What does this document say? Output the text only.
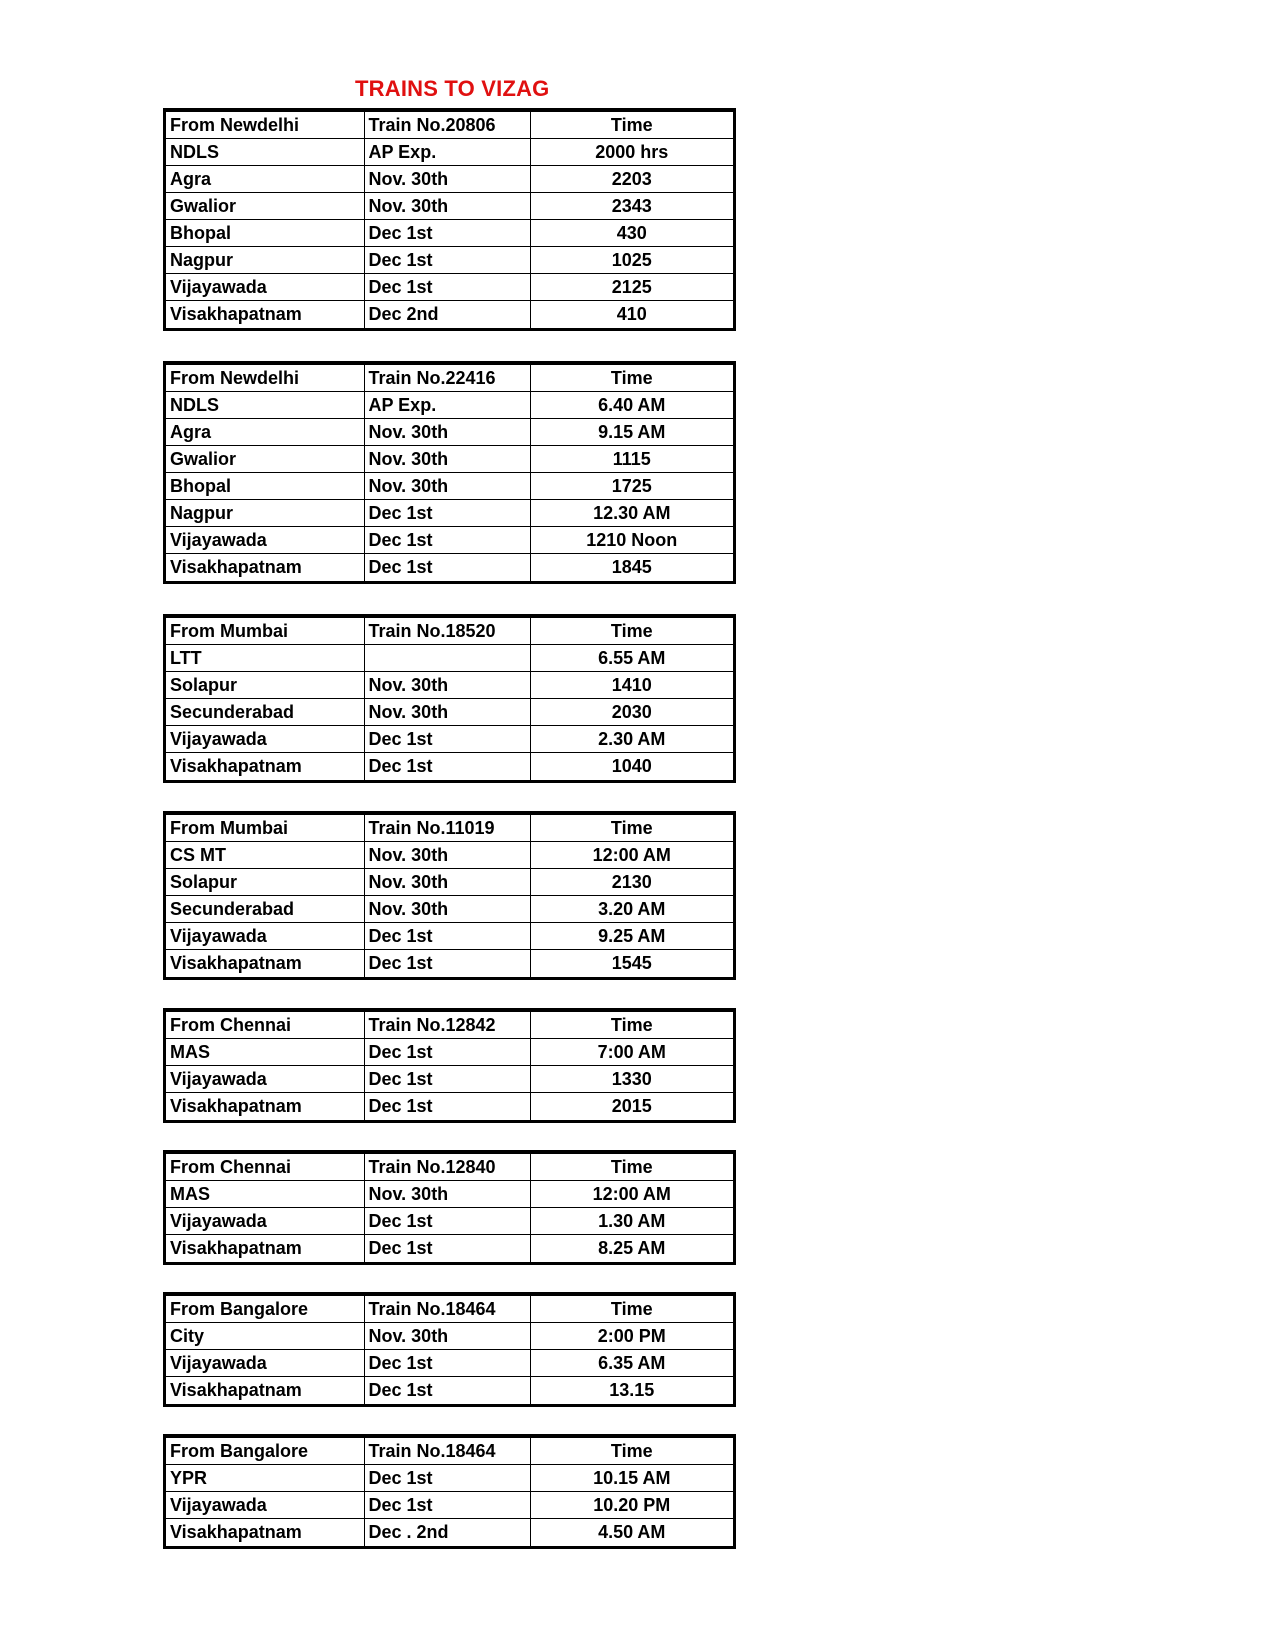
TRAINS TO VIZAG
From Newdelhi	Train No.20806	Time
NDLS	AP Exp.	2000 hrs
Agra	Nov. 30th	2203
Gwalior	Nov. 30th	2343
Bhopal	Dec 1st	430
Nagpur	Dec 1st	1025
Vijayawada	Dec 1st	2125
Visakhapatnam	Dec 2nd	410
From Newdelhi	Train No.22416	Time
NDLS	AP Exp.	6.40 AM
Agra	Nov. 30th	9.15 AM
Gwalior	Nov. 30th	1115
Bhopal	Nov. 30th	1725
Nagpur	Dec 1st	12.30 AM
Vijayawada	Dec 1st	1210 Noon
Visakhapatnam	Dec 1st	1845
From Mumbai	Train No.18520	Time
LTT		6.55 AM
Solapur	Nov. 30th	1410
Secunderabad	Nov. 30th	2030
Vijayawada	Dec 1st	2.30 AM
Visakhapatnam	Dec 1st	1040
From Mumbai	Train No.11019	Time
CS MT	Nov. 30th	12:00 AM
Solapur	Nov. 30th	2130
Secunderabad	Nov. 30th	3.20 AM
Vijayawada	Dec 1st	9.25 AM
Visakhapatnam	Dec 1st	1545
From Chennai	Train No.12842	Time
MAS	Dec 1st	7:00 AM
Vijayawada	Dec 1st	1330
Visakhapatnam	Dec 1st	2015
From Chennai	Train No.12840	Time
MAS	Nov. 30th	12:00 AM
Vijayawada	Dec 1st	1.30 AM
Visakhapatnam	Dec 1st	8.25 AM
From Bangalore	Train No.18464	Time
City	Nov. 30th	2:00 PM
Vijayawada	Dec 1st	6.35 AM
Visakhapatnam	Dec 1st	13.15
From Bangalore	Train No.18464	Time
YPR	Dec 1st	10.15 AM
Vijayawada	Dec 1st	10.20 PM
Visakhapatnam	Dec . 2nd	4.50 AM
